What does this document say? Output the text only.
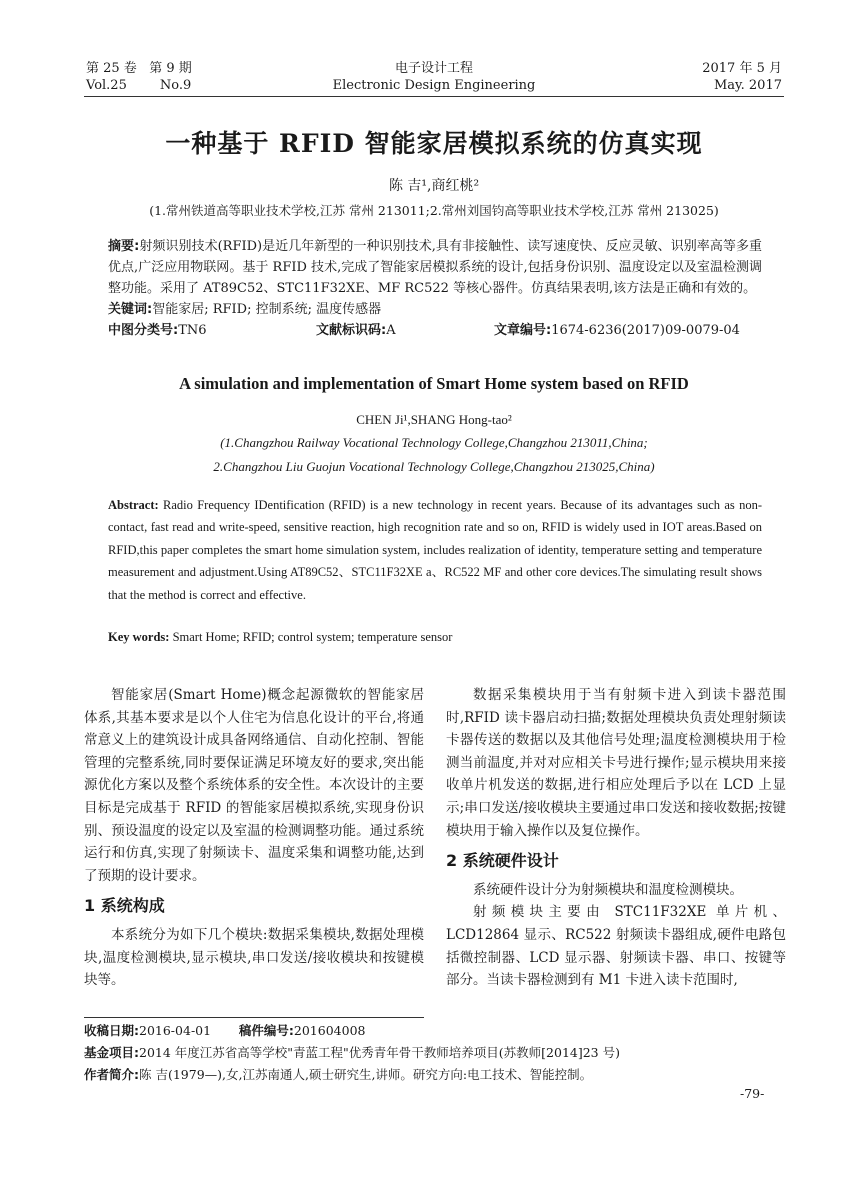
第 25 卷 第 9 期
Vol.25	No.9
电子设计工程
Electronic Design Engineering
2017 年 5 月
May. 2017
一种基于 RFID 智能家居模拟系统的仿真实现
陈 吉¹,商红桃²
(1.常州铁道高等职业技术学校,江苏 常州 213011;2.常州刘国钧高等职业技术学校,江苏 常州 213025)
摘要:射频识别技术(RFID)是近几年新型的一种识别技术,具有非接触性、读写速度快、反应灵敏、识别率高等多重优点,广泛应用物联网。基于 RFID 技术,完成了智能家居模拟系统的设计,包括身份识别、温度设定以及室温检测调整功能。采用了 AT89C52、STC11F32XE、MF RC522 等核心器件。仿真结果表明,该方法是正确和有效的。
关键词:智能家居; RFID; 控制系统; 温度传感器
中图分类号:TN6	文献标识码:A	文章编号:1674-6236(2017)09-0079-04
A simulation and implementation of Smart Home system based on RFID
CHEN Ji¹,SHANG Hong-tao²
(1.Changzhou Railway Vocational Technology College,Changzhou 213011,China;
2.Changzhou Liu Guojun Vocational Technology College,Changzhou 213025,China)
Abstract: Radio Frequency IDentification (RFID) is a new technology in recent years. Because of its advantages such as non-contact, fast read and write-speed, sensitive reaction, high recognition rate and so on, RFID is widely used in IOT areas.Based on RFID,this paper completes the smart home simulation system, includes realization of identity, temperature setting and temperature measurement and adjustment.Using AT89C52、STC11F32XE a、RC522 MF and other core devices.The simulating result shows that the method is correct and effective.
Key words: Smart Home; RFID; control system; temperature sensor

智能家居(Smart Home)概念起源微软的智能家居体系,其基本要求是以个人住宅为信息化设计的平台,将通常意义上的建筑设计成具备网络通信、自动化控制、智能管理的完整系统,同时要保证满足环境友好的要求,突出能源优化方案以及整个系统体系的安全性。本次设计的主要目标是完成基于 RFID 的智能家居模拟系统,实现身份识别、预设温度的设定以及室温的检测调整功能。通过系统运行和仿真,实现了射频读卡、温度采集和调整功能,达到了预期的设计要求。

1 系统构成

本系统分为如下几个模块:数据采集模块,数据处理模块,温度检测模块,显示模块,串口发送/接收模块和按键模块等。

数据采集模块用于当有射频卡进入到读卡器范围时,RFID 读卡器启动扫描;数据处理模块负责处理射频读卡器传送的数据以及其他信号处理;温度检测模块用于检测当前温度,并对对应相关卡号进行操作;显示模块用来接收单片机发送的数据,进行相应处理后予以在 LCD 上显示;串口发送/接收模块主要通过串口发送和接收数据;按键模块用于输入操作以及复位操作。

2 系统硬件设计

系统硬件设计分为射频模块和温度检测模块。

射频模块主要由 STC11F32XE 单片机、LCD12864 显示、RC522 射频读卡器组成,硬件电路包括微控制器、LCD 显示器、射频读卡器、串口、按键等部分。当读卡器检测到有 M1 卡进入读卡范围时,

收稿日期:2016-04-01 稿件编号:201604008
基金项目:2014 年度江苏省高等学校"青蓝工程"优秀青年骨干教师培养项目(苏教师[2014]23 号)
作者简介:陈 吉(1979—),女,江苏南通人,硕士研究生,讲师。研究方向:电工技术、智能控制。
-79-
